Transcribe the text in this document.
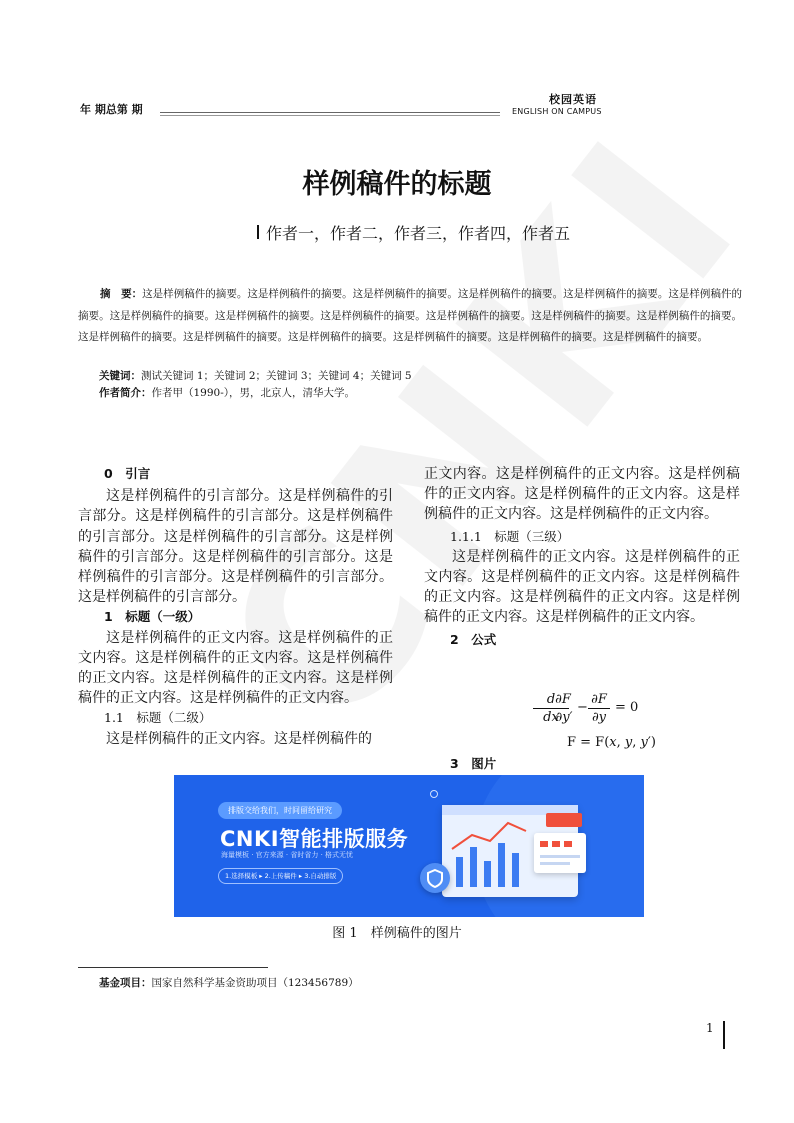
年 期总第 期
校园英语
ENGLISH ON CAMPUS
样例稿件的标题
作者一，作者二，作者三，作者四，作者五
摘　要：这是样例稿件的摘要。这是样例稿件的摘要。这是样例稿件的摘要。这是样例稿件的摘要。这是样例稿件的摘要。这是样例稿件的摘要。这是样例稿件的摘要。这是样例稿件的摘要。这是样例稿件的摘要。这是样例稿件的摘要。这是样例稿件的摘要。这是样例稿件的摘要。这是样例稿件的摘要。这是样例稿件的摘要。这是样例稿件的摘要。这是样例稿件的摘要。这是样例稿件的摘要。这是样例稿件的摘要。
关键词：测试关键词 1；关键词 2；关键词 3；关键词 4；关键词 5
作者简介：作者甲（1990-），男，北京人，清华大学。

0　引言

这是样例稿件的引言部分。这是样例稿件的引言部分。这是样例稿件的引言部分。这是样例稿件的引言部分。这是样例稿件的引言部分。这是样例稿件的引言部分。这是样例稿件的引言部分。这是样例稿件的引言部分。这是样例稿件的引言部分。这是样例稿件的引言部分。

1　标题（一级）

这是样例稿件的正文内容。这是样例稿件的正文内容。这是样例稿件的正文内容。这是样例稿件的正文内容。这是样例稿件的正文内容。这是样例稿件的正文内容。这是样例稿件的正文内容。

1.1　标题（二级）

这是样例稿件的正文内容。这是样例稿件的

正文内容。这是样例稿件的正文内容。这是样例稿件的正文内容。这是样例稿件的正文内容。这是样例稿件的正文内容。这是样例稿件的正文内容。

1.1.1　标题（三级）

这是样例稿件的正文内容。这是样例稿件的正文内容。这是样例稿件的正文内容。这是样例稿件的正文内容。这是样例稿件的正文内容。这是样例稿件的正文内容。这是样例稿件的正文内容。

2　公式

d
dx
∂F
∂y′
−
∂F
∂y
= 0
F = F(x, y, y′)

3　图片

排版交给我们，时间留给研究
CNKI智能排版服务
海量模板 · 官方来源 · 省时省力 · 格式无忧
1.选择模板 ▸ 2.上传稿件 ▸ 3.自动排版
图 1　样例稿件的图片
基金项目：国家自然科学基金资助项目（123456789）
1
